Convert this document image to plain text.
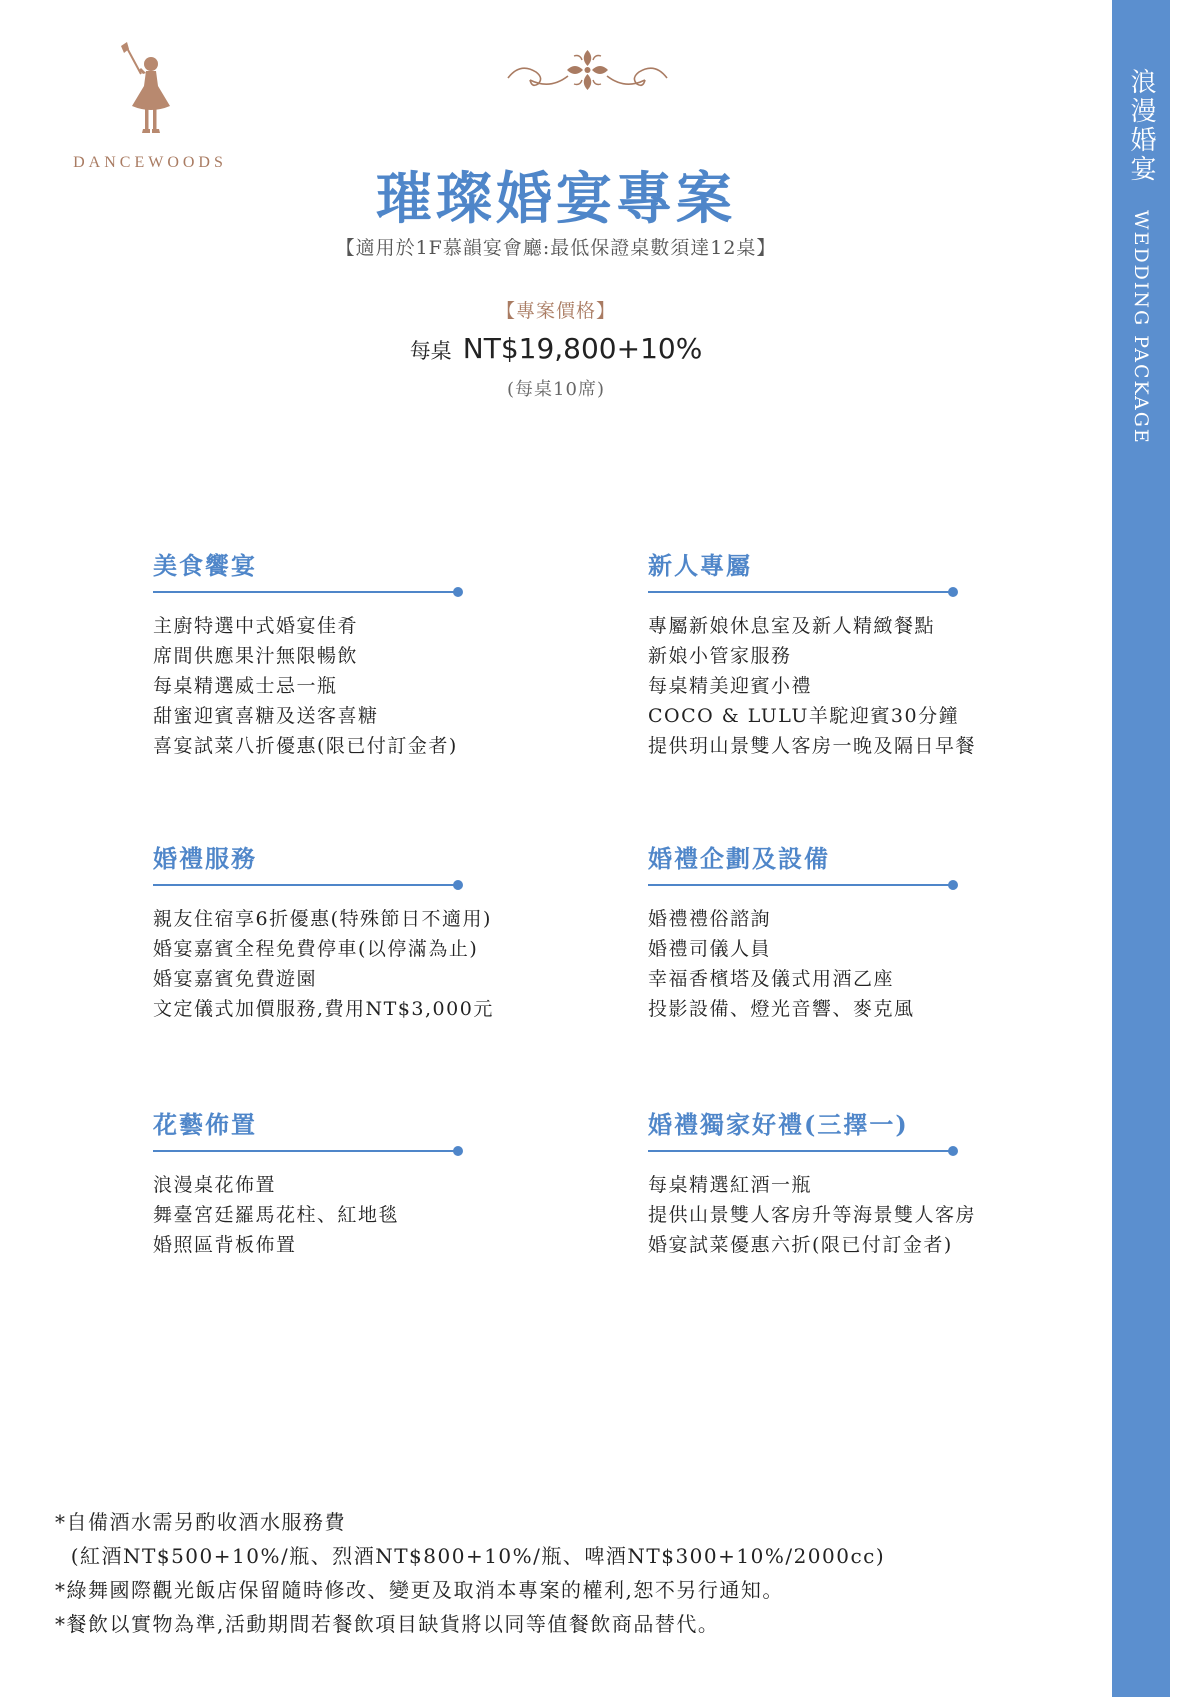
浪漫婚宴 WEDDING PACKAGE
DANCEWOODS
璀璨婚宴專案
【適用於1F慕韻宴會廳:最低保證桌數須達12桌】
【專案價格】
每桌 NT$19,800+10%
(每桌10席)
美食饗宴
主廚特選中式婚宴佳肴
席間供應果汁無限暢飲
每桌精選威士忌一瓶
甜蜜迎賓喜糖及送客喜糖
喜宴試菜八折優惠(限已付訂金者)
新人專屬
專屬新娘休息室及新人精緻餐點
新娘小管家服務
每桌精美迎賓小禮
COCO & LULU羊駝迎賓30分鐘
提供玥山景雙人客房一晚及隔日早餐
婚禮服務
親友住宿享6折優惠(特殊節日不適用)
婚宴嘉賓全程免費停車(以停滿為止)
婚宴嘉賓免費遊園
文定儀式加價服務,費用NT$3,000元
婚禮企劃及設備
婚禮禮俗諮詢
婚禮司儀人員
幸福香檳塔及儀式用酒乙座
投影設備、燈光音響、麥克風
花藝佈置
浪漫桌花佈置
舞臺宮廷羅馬花柱、紅地毯
婚照區背板佈置
婚禮獨家好禮(三擇一)
每桌精選紅酒一瓶
提供山景雙人客房升等海景雙人客房
婚宴試菜優惠六折(限已付訂金者)
*自備酒水需另酌收酒水服務費
(紅酒NT$500+10%/瓶、烈酒NT$800+10%/瓶、啤酒NT$300+10%/2000cc)
*綠舞國際觀光飯店保留隨時修改、變更及取消本專案的權利,恕不另行通知。
*餐飲以實物為準,活動期間若餐飲項目缺貨將以同等值餐飲商品替代。
